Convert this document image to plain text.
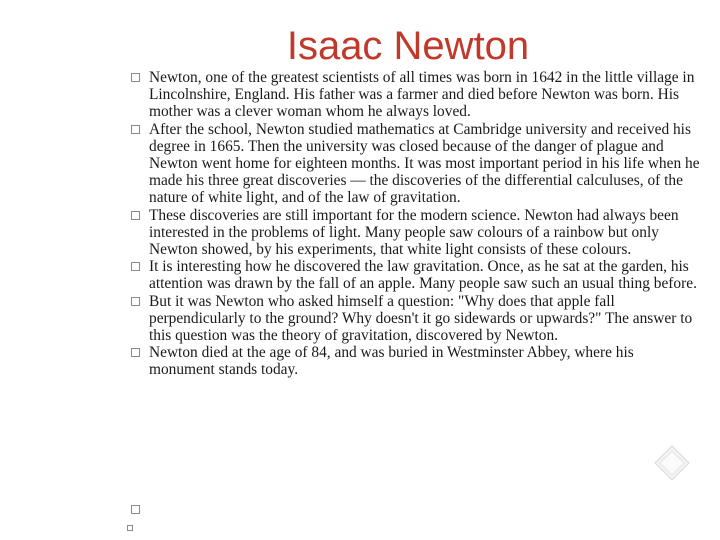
Isaac Newton
Newton, one of the greatest scientists of all times was born in 1642 in the little village in Lincolnshire, England. His father was a farmer and died before Newton was born. His mother was a clever woman whom he always loved.
After the school, Newton studied mathematics at Cambridge university and received his degree in 1665. Then the university was closed because of the danger of plague and Newton went home for eighteen months. It was most important period in his life when he made his three great discoveries — the discoveries of the differential calculuses, of the nature of white light, and of the law of gravitation.
These discoveries are still important for the modern science. Newton had always been interested in the problems of light. Many people saw colours of a rainbow but only Newton showed, by his experiments, that white light consists of these colours.
It is interesting how he discovered the law gravitation. Once, as he sat at the garden, his attention was drawn by the fall of an apple. Many people saw such an usual thing before.
But it was Newton who asked himself a question: "Why does that apple fall perpendicularly to the ground? Why doesn't it go sidewards or upwards?" The answer to this question was the theory of gravitation, discovered by Newton.
Newton died at the age of 84, and was buried in Westminster Abbey, where his monument stands today.
